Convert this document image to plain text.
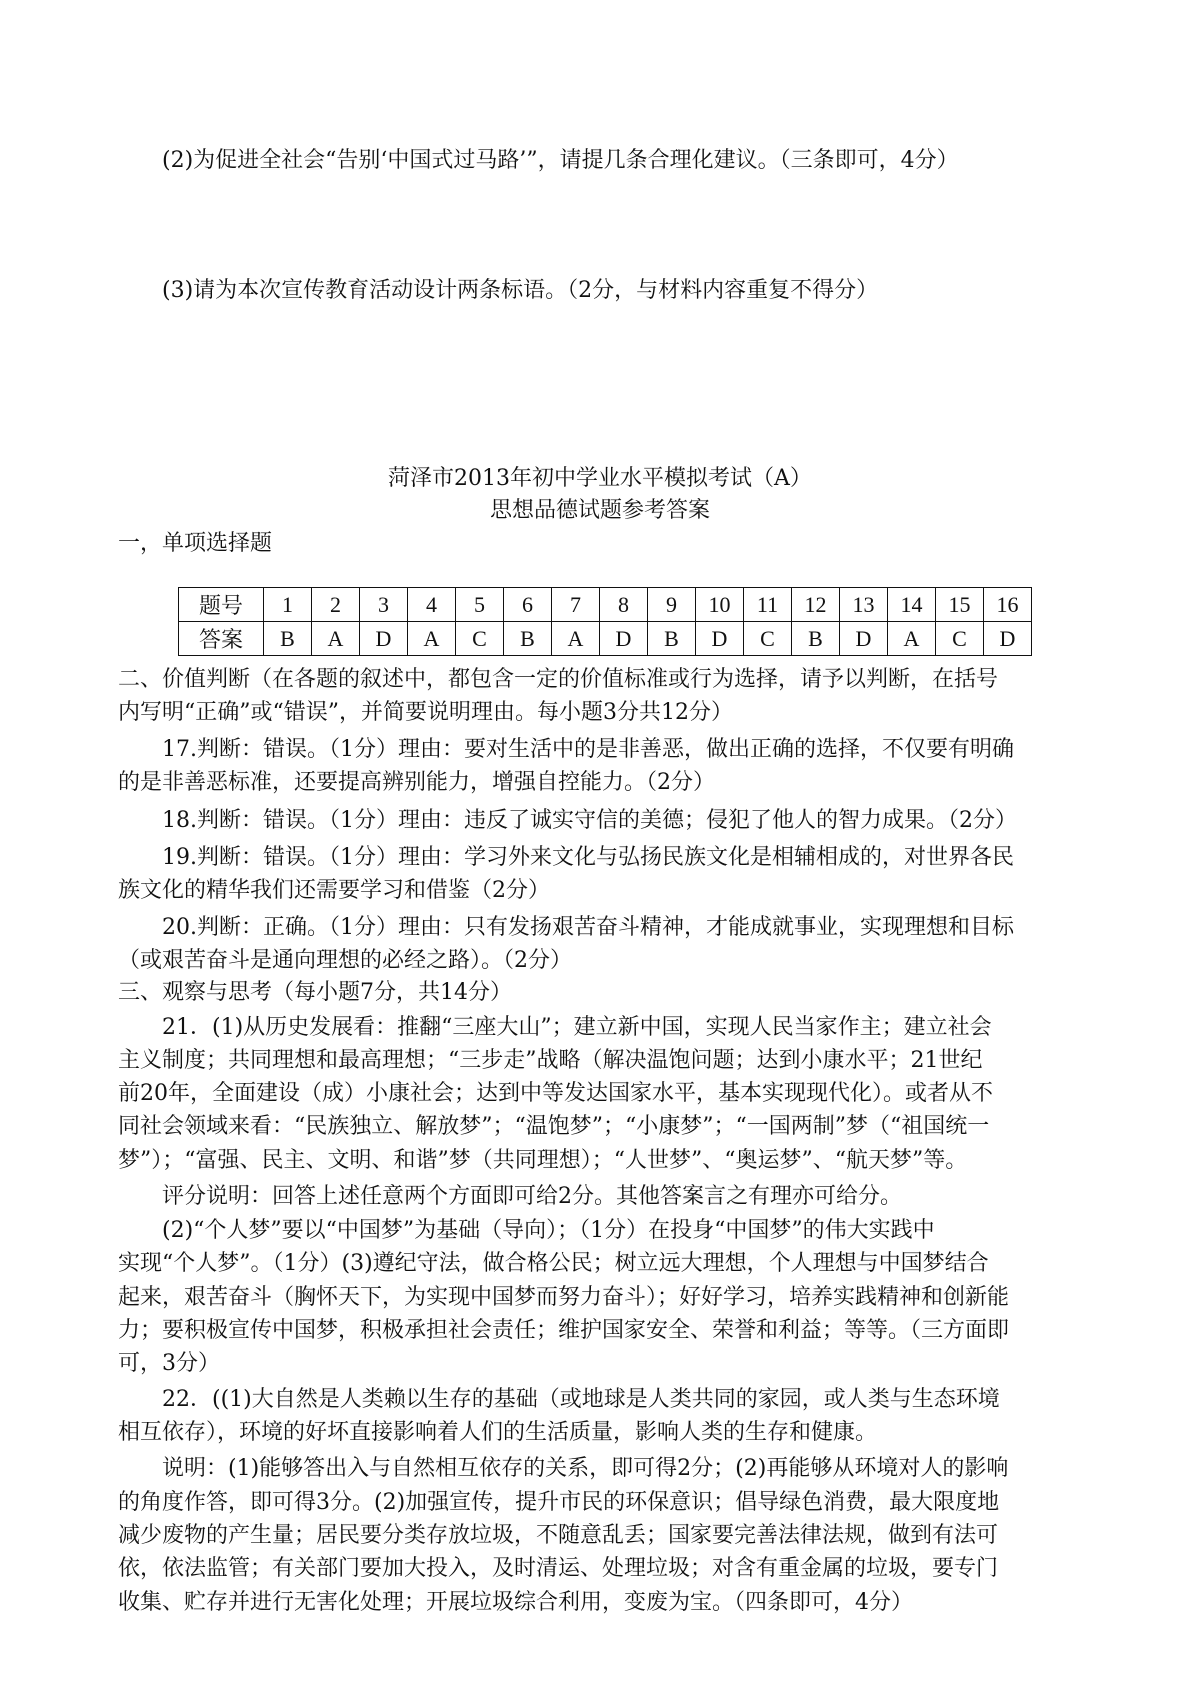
(2)为促进全社会“告别‘中国式过马路’”，请提几条合理化建议。（三条即可，4分）
(3)请为本次宣传教育活动设计两条标语。（2分，与材料内容重复不得分）
菏泽市2013年初中学业水平模拟考试（A）
思想品德试题参考答案
一，单项选择题
题号	1	2	3	4	5	6	7	8	9	10	11	12	13	14	15	16
答案	B	A	D	A	C	B	A	D	B	D	C	B	D	A	C	D
二、价值判断（在各题的叙述中，都包含一定的价值标准或行为选择，请予以判断，在括号
内写明“正确”或“错误”，并简要说明理由。每小题3分共12分）
17.判断：错误。（1分）理由：要对生活中的是非善恶，做出正确的选择，不仅要有明确
的是非善恶标准，还要提高辨别能力，增强自控能力。（2分）
18.判断：错误。（1分）理由：违反了诚实守信的美德；侵犯了他人的智力成果。（2分）
19.判断：错误。（1分）理由：学习外来文化与弘扬民族文化是相辅相成的，对世界各民
族文化的精华我们还需要学习和借鉴（2分）
20.判断：正确。（1分）理由：只有发扬艰苦奋斗精神，才能成就事业，实现理想和目标
（或艰苦奋斗是通向理想的必经之路）。（2分）
三、观察与思考（每小题7分，共14分）
21．(1)从历史发展看：推翻“三座大山”；建立新中国，实现人民当家作主；建立社会
主义制度；共同理想和最高理想；“三步走”战略（解决温饱问题；达到小康水平；21世纪
前20年，全面建设（成）小康社会；达到中等发达国家水平，基本实现现代化）。或者从不
同社会领域来看：“民族独立、解放梦”；“温饱梦”；“小康梦”；“一国两制”梦（“祖国统一
梦”）；“富强、民主、文明、和谐”梦（共同理想）；“人世梦”、“奥运梦”、“航天梦”等。
评分说明：回答上述任意两个方面即可给2分。其他答案言之有理亦可给分。
(2)“个人梦”要以“中国梦”为基础（导向）；（1分）在投身“中国梦”的伟大实践中
实现“个人梦”。（1分）(3)遵纪守法，做合格公民；树立远大理想，个人理想与中国梦结合
起来，艰苦奋斗（胸怀天下，为实现中国梦而努力奋斗）；好好学习，培养实践精神和创新能
力；要积极宣传中国梦，积极承担社会责任；维护国家安全、荣誉和利益；等等。（三方面即
可，3分）
22．((1)大自然是人类赖以生存的基础（或地球是人类共同的家园，或人类与生态环境
相互依存），环境的好坏直接影响着人们的生活质量，影响人类的生存和健康。
说明：(1)能够答出入与自然相互依存的关系，即可得2分；(2)再能够从环境对人的影响
的角度作答，即可得3分。(2)加强宣传，提升市民的环保意识；倡导绿色消费，最大限度地
减少废物的产生量；居民要分类存放垃圾，不随意乱丢；国家要完善法律法规，做到有法可
依，依法监管；有关部门要加大投入，及时清运、处理垃圾；对含有重金属的垃圾，要专门
收集、贮存并进行无害化处理；开展垃圾综合利用，变废为宝。（四条即可，4分）
